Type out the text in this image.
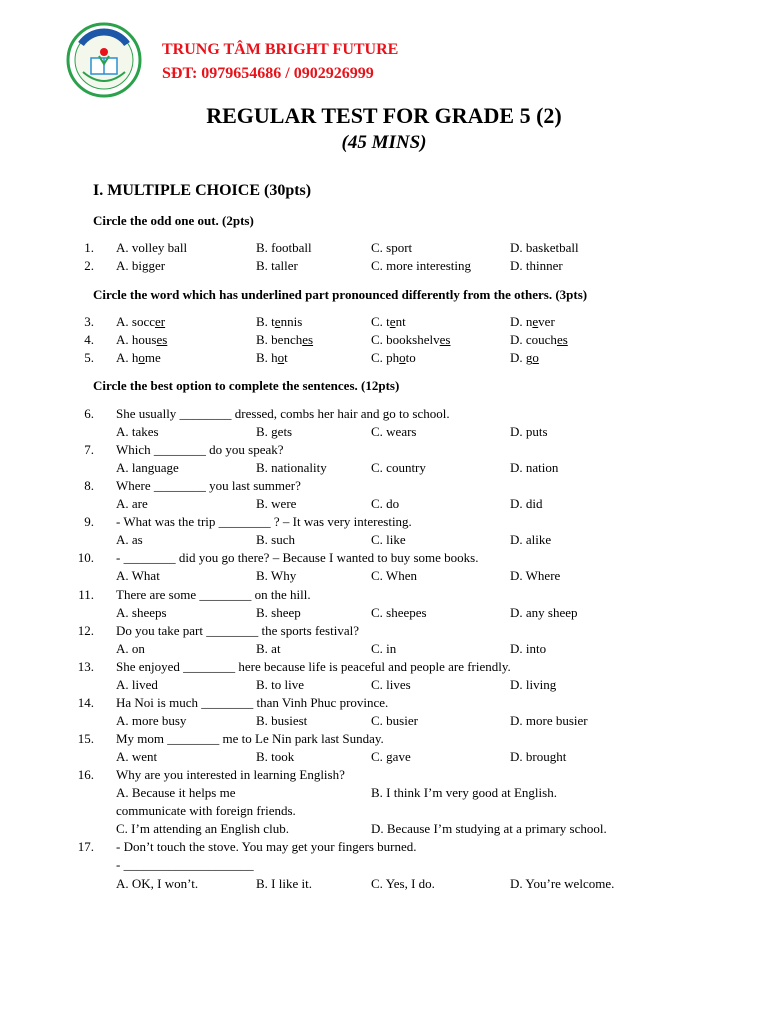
TRUNG TÂM BRIGHT FUTURE
SĐT: 0979654686 / 0902926999
REGULAR TEST FOR GRADE 5 (2)
(45 MINS)
I. MULTIPLE CHOICE (30pts)
Circle the odd one out. (2pts)
1. A. volley ball	B. football	C. sport	D. basketball
2. A. bigger	B. taller	C. more interesting	D. thinner
Circle the word which has underlined part pronounced differently from the others. (3pts)
3. A. soccer	B. tennis	C. tent	D. never
4. A. houses	B. benches	C. bookshelves	D. couches
5. A. home	B. hot	C. photo	D. go
Circle the best option to complete the sentences. (12pts)
6. She usually ________ dressed, combs her hair and go to school.
A. takes	B. gets	C. wears	D. puts
7. Which ________ do you speak?
A. language	B. nationality	C. country	D. nation
8. Where ________ you last summer?
A. are	B. were	C. do	D. did
9. - What was the trip ________ ? – It was very interesting.
A. as	B. such	C. like	D. alike
10. - ________ did you go there? – Because I wanted to buy some books.
A. What	B. Why	C. When	D. Where
11. There are some ________ on the hill.
A. sheeps	B. sheep	C. sheepes	D. any sheep
12. Do you take part ________ the sports festival?
A. on	B. at	C. in	D. into
13. She enjoyed ________ here because life is peaceful and people are friendly.
A. lived	B. to live	C. lives	D. living
14. Ha Noi is much ________ than Vinh Phuc province.
A. more busy	B. busiest	C. busier	D. more busier
15. My mom ________ me to Le Nin park last Sunday.
A. went	B. took	C. gave	D. brought
16. Why are you interested in learning English?
A. Because it helps me	B. I think I’m very good at English.
communicate with foreign friends.
C. I’m attending an English club.	D. Because I’m studying at a primary school.
17. - Don’t touch the stove. You may get your fingers burned.
- ____________________
A. OK, I won’t.	B. I like it.	C. Yes, I do.	D. You’re welcome.
